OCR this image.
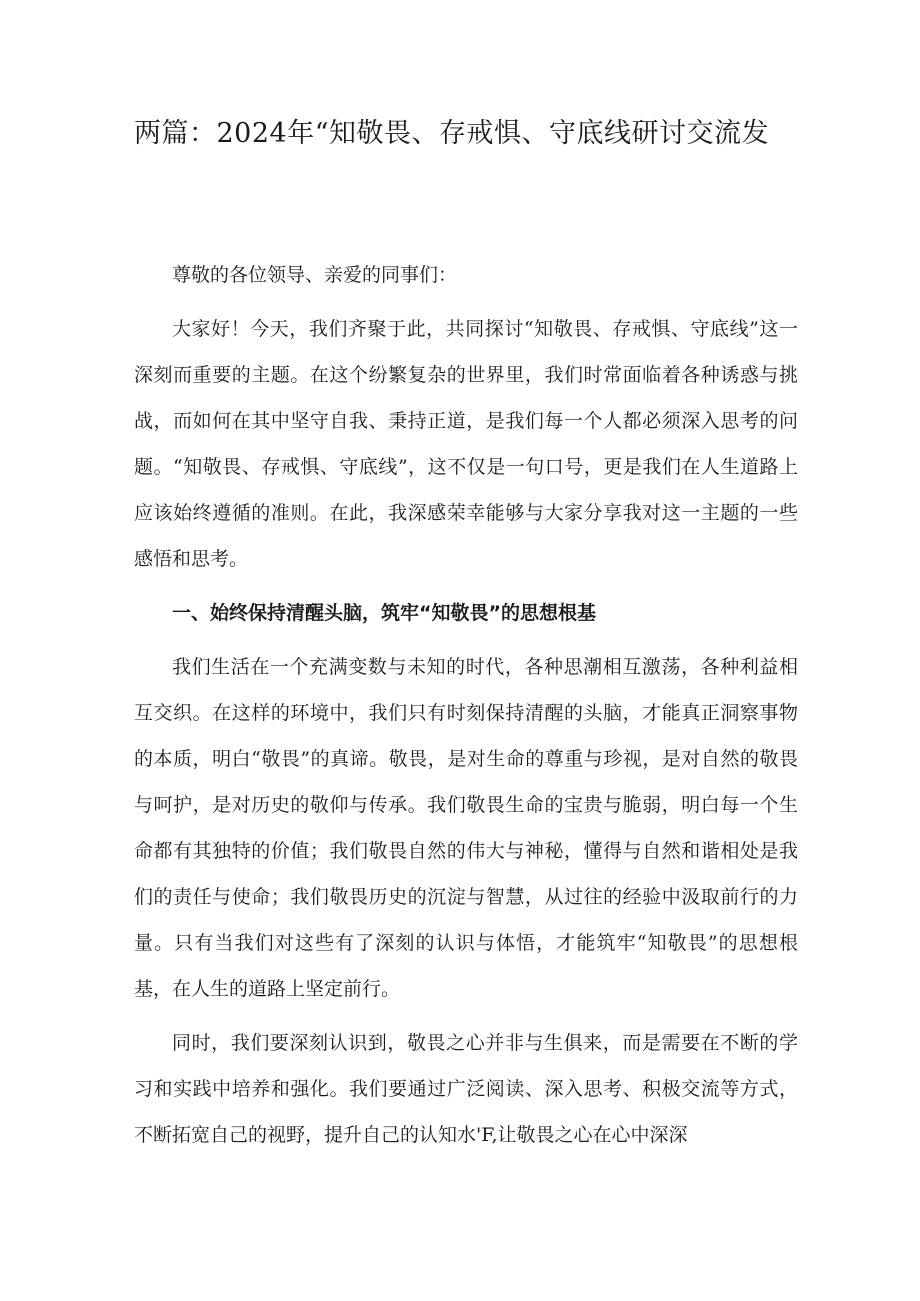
两篇：2024年“知敬畏、存戒惧、守底线研讨交流发

尊敬的各位领导、亲爱的同事们：

大家好！今天，我们齐聚于此，共同探讨“知敬畏、存戒惧、守底线”这一深刻而重要的主题。在这个纷繁复杂的世界里，我们时常面临着各种诱惑与挑战，而如何在其中坚守自我、秉持正道，是我们每一个人都必须深入思考的问题。“知敬畏、存戒惧、守底线”，这不仅是一句口号，更是我们在人生道路上应该始终遵循的准则。在此，我深感荣幸能够与大家分享我对这一主题的一些感悟和思考。

一、始终保持清醒头脑，筑牢“知敬畏”的思想根基

我们生活在一个充满变数与未知的时代，各种思潮相互激荡，各种利益相互交织。在这样的环境中，我们只有时刻保持清醒的头脑，才能真正洞察事物的本质，明白“敬畏”的真谛。敬畏，是对生命的尊重与珍视，是对自然的敬畏与呵护，是对历史的敬仰与传承。我们敬畏生命的宝贵与脆弱，明白每一个生命都有其独特的价值；我们敬畏自然的伟大与神秘，懂得与自然和谐相处是我们的责任与使命；我们敬畏历史的沉淀与智慧，从过往的经验中汲取前行的力量。只有当我们对这些有了深刻的认识与体悟，才能筑牢“知敬畏”的思想根基，在人生的道路上坚定前行。

同时，我们要深刻认识到，敬畏之心并非与生俱来，而是需要在不断的学习和实践中培养和强化。我们要通过广泛阅读、深入思考、积极交流等方式，不断拓宽自己的视野，提升自己的认知水'F,让敬畏之心在心中深深
